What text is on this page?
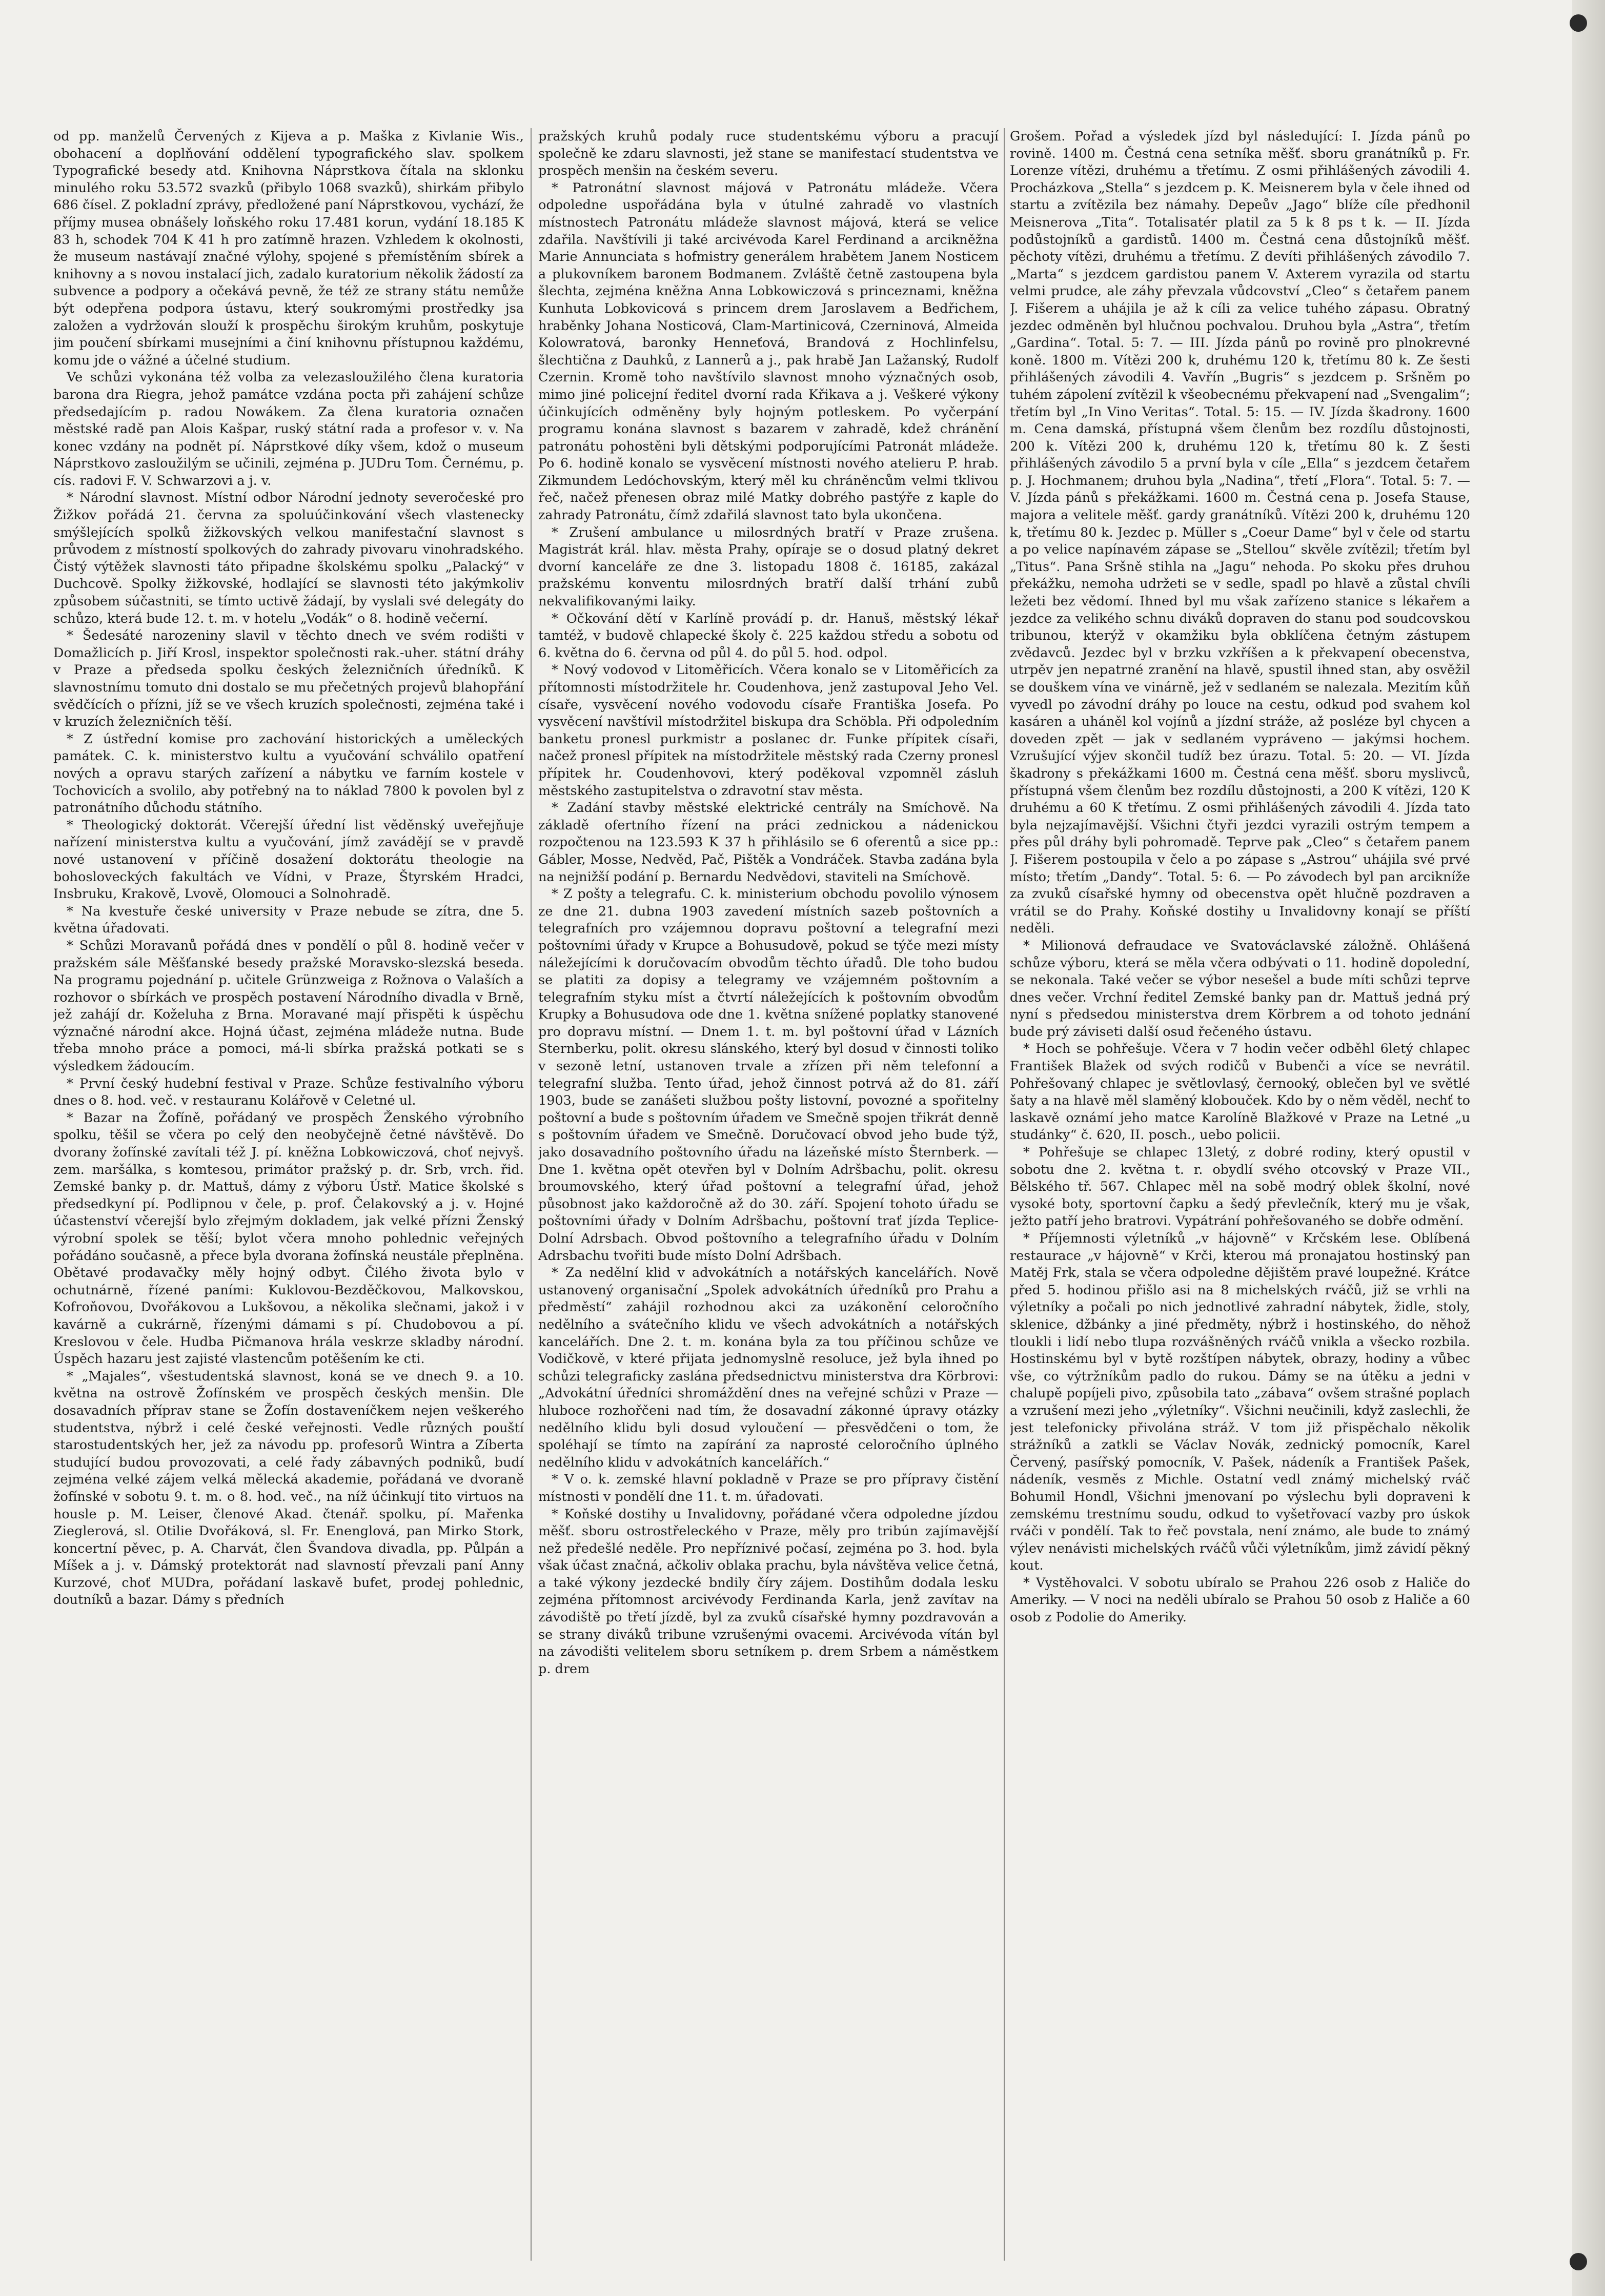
od pp. manželů Červených z Kijeva a p. Maška z Kivlanie Wis., obohacení a doplňování oddělení typografického slav. spolkem Typografické besedy atd. Knihovna Náprstkova čítala na sklonku minulého roku 53.572 svazků (přibylo 1068 svazků), shirkám přibylo 686 čísel. Z pokladní zprávy, předložené paní Náprstkovou, vychází, že příjmy musea obnášely loňského roku 17.481 korun, vydání 18.185 K 83 h, schodek 704 K 41 h pro zatímně hrazen. Vzhledem k okolnosti, že museum nastávají značné výlohy, spojené s přemístěním sbírek a knihovny a s novou instalací jich, zadalo kuratorium několik žádostí za subvence a podpory a očekává pevně, že též ze strany státu nemůže být odepřena podpora ústavu, který soukromými prostředky jsa založen a vydržován slouží k prospěchu širokým kruhům, poskytuje jim poučení sbírkami musejními a činí knihovnu přístupnou každému, komu jde o vážné a účelné studium.

Ve schůzi vykonána též volba za velezasloužilého člena kuratoria barona dra Riegra, jehož památce vzdána pocta při zahájení schůze předsedajícím p. radou Nowákem. Za člena kuratoria označen městské radě pan Alois Kašpar, ruský státní rada a profesor v. v. Na konec vzdány na podnět pí. Náprstkové díky všem, kdož o museum Náprstkovo zasloužilým se učinili, zejména p. JUDru Tom. Černému, p. cís. radovi F. V. Schwarzovi a j. v.

* Národní slavnost. Místní odbor Národní jednoty severočeské pro Žižkov pořádá 21. června za spoluúčinkování všech vlastenecky smýšlejících spolků žižkovských velkou manifestační slavnost s průvodem z místností spolkových do zahrady pivovaru vinohradského. Čistý výtěžek slavnosti táto připadne školskému spolku „Palacký“ v Duchcově. Spolky žižkovské, hodlající se slavnosti této jakýmkoliv způsobem súčastniti, se tímto uctivě žádají, by vyslali své delegáty do schůzo, která bude 12. t. m. v hotelu „Vodák“ o 8. hodině večerní.

* Šedesáté narozeniny slavil v těchto dnech ve svém rodišti v Domažlicích p. Jiří Krosl, inspektor společnosti rak.-uher. státní dráhy v Praze a předseda spolku českých železničních úředníků. K slavnostnímu tomuto dni dostalo se mu přečetných projevů blahopřání svědčících o přízni, jíž se ve všech kruzích společnosti, zejména také i v kruzích železničních těší.

* Z ústřední komise pro zachování historických a uměleckých památek. C. k. ministerstvo kultu a vyučování schválilo opatření nových a opravu starých zařízení a nábytku ve farním kostele v Tochovicích a svolilo, aby potřebný na to náklad 7800 k povolen byl z patronátního důchodu státního.

* Theologický doktorát. Včerejší úřední list věděnský uveřejňuje nařízení ministerstva kultu a vyučování, jímž zavádějí se v pravdě nové ustanovení v příčině dosažení doktorátu theologie na bohosloveckých fakultách ve Vídni, v Praze, Štyrském Hradci, Insbruku, Krakově, Lvově, Olomouci a Solnohradě.

* Na kvestuře české university v Praze nebude se zítra, dne 5. května úřadovati.

* Schůzi Moravanů pořádá dnes v pondělí o půl 8. hodině večer v pražském sále Měšťanské besedy pražské Moravsko-slezská beseda. Na programu pojednání p. učitele Grünzweiga z Rožnova o Valaších a rozhovor o sbírkách ve prospěch postavení Národního divadla v Brně, jež zahájí dr. Koželuha z Brna. Moravané mají přispěti k úspěchu význačné národní akce. Hojná účast, zejména mládeže nutna. Bude třeba mnoho práce a pomoci, má-li sbírka pražská potkati se s výsledkem žádoucím.

* První český hudební festival v Praze. Schůze festivalního výboru dnes o 8. hod. več. v restauranu Kolářově v Celetné ul.

* Bazar na Žofíně, pořádaný ve prospěch Ženského výrobního spolku, těšil se včera po celý den neobyčejně četné návštěvě. Do dvorany žofínské zavítali též J. pí. kněžna Lobkowiczová, choť nejvyš. zem. maršálka, s komtesou, primátor pražský p. dr. Srb, vrch. řid. Zemské banky p. dr. Mattuš, dámy z výboru Ústř. Matice školské s předsedkyní pí. Podlipnou v čele, p. prof. Čelakovský a j. v. Hojné účastenství včerejší bylo zřejmým dokladem, jak velké přízni Ženský výrobní spolek se těší; bylot včera mnoho pohlednic veřejných pořádáno současně, a přece byla dvorana žofínská neustále přeplněna. Obětavé prodavačky měly hojný odbyt. Čilého života bylo v ochutnárně, řízené paními: Kuklovou-Bezděčkovou, Malkovskou, Kofroňovou, Dvořákovou a Lukšovou, a několika slečnami, jakož i v kavárně a cukrárně, řízenými dámami s pí. Chudobovou a pí. Kreslovou v čele. Hudba Pičmanova hrála veskrze skladby národní. Úspěch hazaru jest zajisté vlastencům potěšením ke cti.

* „Majales“, všestudentská slavnost, koná se ve dnech 9. a 10. května na ostrově Žofínském ve prospěch českých menšin. Dle dosavadních příprav stane se Žofín dostaveníčkem nejen veškerého studentstva, nýbrž i celé české veřejnosti. Vedle různých pouští starostudentských her, jež za návodu pp. profesorů Wintra a Zíberta studující budou provozovati, a celé řady zábavných podniků, budí zejména velké zájem velká mělecká akademie, pořádaná ve dvoraně žofínské v sobotu 9. t. m. o 8. hod. več., na níž účinkují tito virtuos na housle p. M. Leiser, členové Akad. čtenář. spolku, pí. Mařenka Zieglerová, sl. Otilie Dvořáková, sl. Fr. Enenglová, pan Mirko Stork, koncertní pěvec, p. A. Charvát, člen Švandova divadla, pp. Půlpán a Míšek a j. v. Dámský protektorát nad slavností převzali paní Anny Kurzové, choť MUDra, pořádaní laskavě bufet, prodej pohlednic, doutníků a bazar. Dámy s předních

pražských kruhů podaly ruce studentskému výboru a pracují společně ke zdaru slavnosti, jež stane se manifestací studentstva ve prospěch menšin na českém severu.

* Patronátní slavnost májová v Patronátu mládeže. Včera odpoledne uspořádána byla v útulné zahradě vo vlastních místnostech Patronátu mládeže slavnost májová, která se velice zdařila. Navštívili ji také arcivévoda Karel Ferdinand a arcikněžna Marie Annunciata s hofmistry generálem hrabětem Janem Nosticem a plukovníkem baronem Bodmanem. Zvláště četně zastoupena byla šlechta, zejména kněžna Anna Lobkowiczová s princeznami, kněžna Kunhuta Lobkovicová s princem drem Jaroslavem a Bedřichem, hraběnky Johana Nosticová, Clam-Martinicová, Czerninová, Almeida Kolowratová, baronky Henneťová, Brandová z Hochlinfelsu, šlechtična z Dauhků, z Lannerů a j., pak hrabě Jan Lažanský, Rudolf Czernin. Kromě toho navštívilo slavnost mnoho význačných osob, mimo jiné policejní ředitel dvorní rada Křikava a j. Veškeré výkony účinkujících odměněny byly hojným potleskem. Po vyčerpání programu konána slavnost s bazarem v zahradě, kdež chránění patronátu pohostěni byli dětskými podporujícími Patronát mládeže. Po 6. hodině konalo se vysvěcení místnosti nového atelieru P. hrab. Zikmundem Ledóchovským, který měl ku chráněncům velmi tklivou řeč, načež přenesen obraz milé Matky dobrého pastýře z kaple do zahrady Patronátu, čímž zdařilá slavnost tato byla ukončena.

* Zrušení ambulance u milosrdných bratří v Praze zrušena. Magistrát král. hlav. města Prahy, opíraje se o dosud platný dekret dvorní kanceláře ze dne 3. listopadu 1808 č. 16185, zakázal pražskému konventu milosrdných bratří další trhání zubů nekvalifikovanými laiky.

* Očkování dětí v Karlíně provádí p. dr. Hanuš, městský lékař tamtéž, v budově chlapecké školy č. 225 každou středu a sobotu od 6. května do 6. června od půl 4. do půl 5. hod. odpol.

* Nový vodovod v Litoměřicích. Včera konalo se v Litoměřicích za přítomnosti místodržitele hr. Coudenhova, jenž zastupoval Jeho Vel. císaře, vysvěcení nového vodovodu císaře Františka Josefa. Po vysvěcení navštívil místodržitel biskupa dra Schöbla. Při odpoledním banketu pronesl purkmistr a poslanec dr. Funke přípitek císaři, načež pronesl přípitek na místodržitele městský rada Czerny pronesl přípitek hr. Coudenhovovi, který poděkoval vzpomněl zásluh městského zastupitelstva o zdravotní stav města.

* Zadání stavby městské elektrické centrály na Smíchově. Na základě ofertního řízení na práci zednickou a nádenickou rozpočtenou na 123.593 K 37 h přihlásilo se 6 oferentů a sice pp.: Gábler, Mosse, Nedvěd, Pač, Pištěk a Vondráček. Stavba zadána byla na nejnižší podání p. Bernardu Nedvědovi, staviteli na Smíchově.

* Z pošty a telegrafu. C. k. ministerium obchodu povolilo výnosem ze dne 21. dubna 1903 zavedení místních sazeb poštovních a telegrafních pro vzájemnou dopravu poštovní a telegrafní mezi poštovními úřady v Krupce a Bohusudově, pokud se týče mezi místy náležejícími k doručovacím obvodům těchto úřadů. Dle toho budou se platiti za dopisy a telegramy ve vzájemném poštovním a telegrafním styku míst a čtvrtí náležejících k poštovním obvodům Krupky a Bohusudova ode dne 1. května snížené poplatky stanovené pro dopravu místní. — Dnem 1. t. m. byl poštovní úřad v Lázních Sternberku, polit. okresu slánského, který byl dosud v činnosti toliko v sezoně letní, ustanoven trvale a zřízen při něm telefonní a telegrafní služba. Tento úřad, jehož činnost potrvá až do 81. září 1903, bude se zanášeti službou pošty listovní, povozné a spořitelny poštovní a bude s poštovním úřadem ve Smečně spojen třikrát denně s poštovním úřadem ve Smečně. Doručovací obvod jeho bude týž, jako dosavadního poštovního úřadu na lázeňské místo Šternberk. — Dne 1. května opět otevřen byl v Dolním Adršbachu, polit. okresu broumovského, který úřad poštovní a telegrafní úřad, jehož působnost jako každoročně až do 30. září. Spojení tohoto úřadu se poštovními úřady v Dolním Adršbachu, poštovní trať jízda Teplice-Dolní Adrsbach. Obvod poštovního a telegrafního úřadu v Dolním Adrsbachu tvořiti bude místo Dolní Adršbach.

* Za nedělní klid v advokátních a notářských kancelářích. Nově ustanovený organisační „Spolek advokátních úředníků pro Prahu a předměstí“ zahájil rozhodnou akci za uzákonění celoročního nedělního a svátečního klidu ve všech advokátních a notářských kancelářích. Dne 2. t. m. konána byla za tou příčinou schůze ve Vodičkově, v které přijata jednomyslně resoluce, jež byla ihned po schůzi telegraficky zaslána předsednictvu ministerstva dra Körbrovi: „Advokátní úředníci shromáždění dnes na veřejné schůzi v Praze — hluboce rozhořčeni nad tím, že dosavadní zákonné úpravy otázky nedělního klidu byli dosud vyloučení — přesvědčeni o tom, že spoléhají se tímto na zapírání za naprosté celoročního úplného nedělního klidu v advokátních kancelářích.“

* V o. k. zemské hlavní pokladně v Praze se pro přípravy čistění místnosti v pondělí dne 11. t. m. úřadovati.

* Koňské dostihy u Invalidovny, pořádané včera odpoledne jízdou měšť. sboru ostrostřeleckého v Praze, měly pro tribún zajímavější než předešlé neděle. Pro nepříznivé počasí, zejména po 3. hod. byla však účast značná, ačkoliv oblaka prachu, byla návštěva velice četná, a také výkony jezdecké bndily číry zájem. Dostihům dodala lesku zejména přítomnost arcivévody Ferdinanda Karla, jenž zavítav na závodiště po třetí jízdě, byl za zvuků císařské hymny pozdravován a se strany diváků tribune vzrušenými ovacemi. Arcivévoda vítán byl na závodišti velitelem sboru setníkem p. drem Srbem a náměstkem p. drem

Grošem. Pořad a výsledek jízd byl následující: I. Jízda pánů po rovině. 1400 m. Čestná cena setníka měšť. sboru granátníků p. Fr. Lorenze vítězi, druhému a třetímu. Z osmi přihlášených závodili 4. Procházkova „Stella“ s jezdcem p. K. Meisnerem byla v čele ihned od startu a zvítězila bez námahy. Depeův „Jago“ blíže cíle předhonil Meisnerova „Tita“. Totalisatér platil za 5 k 8 ps t k. — II. Jízda podůstojníků a gardistů. 1400 m. Čestná cena důstojníků měšť. pěchoty vítězi, druhému a třetímu. Z devíti přihlášených závodilo 7. „Marta“ s jezdcem gardistou panem V. Axterem vyrazila od startu velmi prudce, ale záhy převzala vůdcovství „Cleo“ s četařem panem J. Fišerem a uhájila je až k cíli za velice tuhého zápasu. Obratný jezdec odměněn byl hlučnou pochvalou. Druhou byla „Astra“, třetím „Gardina“. Total. 5: 7. — III. Jízda pánů po rovině pro plnokrevné koně. 1800 m. Vítězi 200 k, druhému 120 k, třetímu 80 k. Ze šesti přihlášených závodili 4. Vavřín „Bugris“ s jezdcem p. Sršněm po tuhém zápolení zvítězil k všeobecnému překvapení nad „Svengalim“; třetím byl „In Vino Veritas“. Total. 5: 15. — IV. Jízda škadrony. 1600 m. Cena damská, přístupná všem členům bez rozdílu důstojnosti, 200 k. Vítězi 200 k, druhému 120 k, třetímu 80 k. Z šesti přihlášených závodilo 5 a první byla v cíle „Ella“ s jezdcem četařem p. J. Hochmanem; druhou byla „Nadina“, třetí „Flora“. Total. 5: 7. — V. Jízda pánů s překážkami. 1600 m. Čestná cena p. Josefa Stause, majora a velitele měšť. gardy granátníků. Vítězi 200 k, druhému 120 k, třetímu 80 k. Jezdec p. Müller s „Coeur Dame“ byl v čele od startu a po velice napínavém zápase se „Stellou“ skvěle zvítězil; třetím byl „Titus“. Pana Sršně stihla na „Jagu“ nehoda. Po skoku přes druhou překážku, nemoha udržeti se v sedle, spadl po hlavě a zůstal chvíli ležeti bez vědomí. Ihned byl mu však zařízeno stanice s lékařem a jezdce za velikého schnu diváků dopraven do stanu pod soudcovskou tribunou, kterýž v okamžiku byla obklíčena četným zástupem zvědavců. Jezdec byl v brzku vzkříšen a k překvapení obecenstva, utrpěv jen nepatrné zranění na hlavě, spustil ihned stan, aby osvěžil se douškem vína ve vinárně, jež v sedlaném se nalezala. Mezitím kůň vyvedl po závodní dráhy po louce na cestu, odkud pod svahem kol kasáren a uháněl kol vojínů a jízdní stráže, až posléze byl chycen a doveden zpět — jak v sedlaném vypráveno — jakýmsi hochem. Vzrušující výjev skončil tudíž bez úrazu. Total. 5: 20. — VI. Jízda škadrony s překážkami 1600 m. Čestná cena měšť. sboru myslivců, přístupná všem členům bez rozdílu důstojnosti, a 200 K vítězi, 120 K druhému a 60 K třetímu. Z osmi přihlášených závodili 4. Jízda tato byla nejzajímavější. Všichni čtyři jezdci vyrazili ostrým tempem a přes půl dráhy byli pohromadě. Teprve pak „Cleo“ s četařem panem J. Fišerem postoupila v čelo a po zápase s „Astrou“ uhájila své prvé místo; třetím „Dandy“. Total. 5: 6. — Po závodech byl pan arcikníže za zvuků císařské hymny od obecenstva opět hlučně pozdraven a vrátil se do Prahy. Koňské dostihy u Invalidovny konají se příští neděli.

* Milionová defraudace ve Svatováclavské záložně. Ohlášená schůze výboru, která se měla včera odbývati o 11. hodině dopolední, se nekonala. Také večer se výbor nesešel a bude míti schůzi teprve dnes večer. Vrchní ředitel Zemské banky pan dr. Mattuš jedná prý nyní s předsedou ministerstva drem Körbrem a od tohoto jednání bude prý záviseti další osud řečeného ústavu.

* Hoch se pohřešuje. Včera v 7 hodin večer odběhl 6letý chlapec František Blažek od svých rodičů v Bubenči a více se nevrátil. Pohřešovaný chlapec je světlovlasý, černooký, oblečen byl ve světlé šaty a na hlavě měl slaměný klobouček. Kdo by o něm věděl, nechť to laskavě oznámí jeho matce Karolíně Blažkové v Praze na Letné „u studánky“ č. 620, II. posch., uebo policii.

* Pohřešuje se chlapec 13letý, z dobré rodiny, který opustil v sobotu dne 2. května t. r. obydlí svého otcovský v Praze VII., Bělského tř. 567. Chlapec měl na sobě modrý oblek školní, nové vysoké boty, sportovní čapku a šedý převlečník, který mu je však, ježto patří jeho bratrovi. Vypátrání pohřešovaného se dobře odmění.

* Příjemnosti výletníků „v hájovně“ v Krčském lese. Oblíbená restaurace „v hájovně“ v Krči, kterou má pronajatou hostinský pan Matěj Frk, stala se včera odpoledne dějištěm pravé loupežné. Krátce před 5. hodinou přišlo asi na 8 michelských rváčů, již se vrhli na výletníky a počali po nich jednotlivé zahradní nábytek, židle, stoly, sklenice, džbánky a jiné předměty, nýbrž i hostinského, do něhož tloukli i lidí nebo tlupa rozvášněných rváčů vnikla a všecko rozbila. Hostinskému byl v bytě rozštípen nábytek, obrazy, hodiny a vůbec vše, co výtržníkům padlo do rukou. Dámy se na útěku a jedni v chalupě popíjeli pivo, způsobila tato „zábava“ ovšem strašné poplach a vzrušení mezi jeho „výletníky“. Všichni neučinili, když zaslechli, že jest telefonicky přivolána stráž. V tom již přispěchalo několik strážníků a zatkli se Václav Novák, zednický pomocník, Karel Červený, pasířský pomocník, V. Pašek, nádeník a František Pašek, nádeník, vesměs z Michle. Ostatní vedl známý michelský rváč Bohumil Hondl, Všichni jmenovaní po výslechu byli dopraveni k zemskému trestnímu soudu, odkud to vyšetřovací vazby pro úskok rváči v pondělí. Tak to řeč povstala, není známo, ale bude to známý výlev nenávisti michelských rváčů vůči výletníkům, jimž závidí pěkný kout.

* Vystěhovalci. V sobotu ubíralo se Prahou 226 osob z Haliče do Ameriky. — V noci na neděli ubíralo se Prahou 50 osob z Haliče a 60 osob z Podolie do Ameriky.
